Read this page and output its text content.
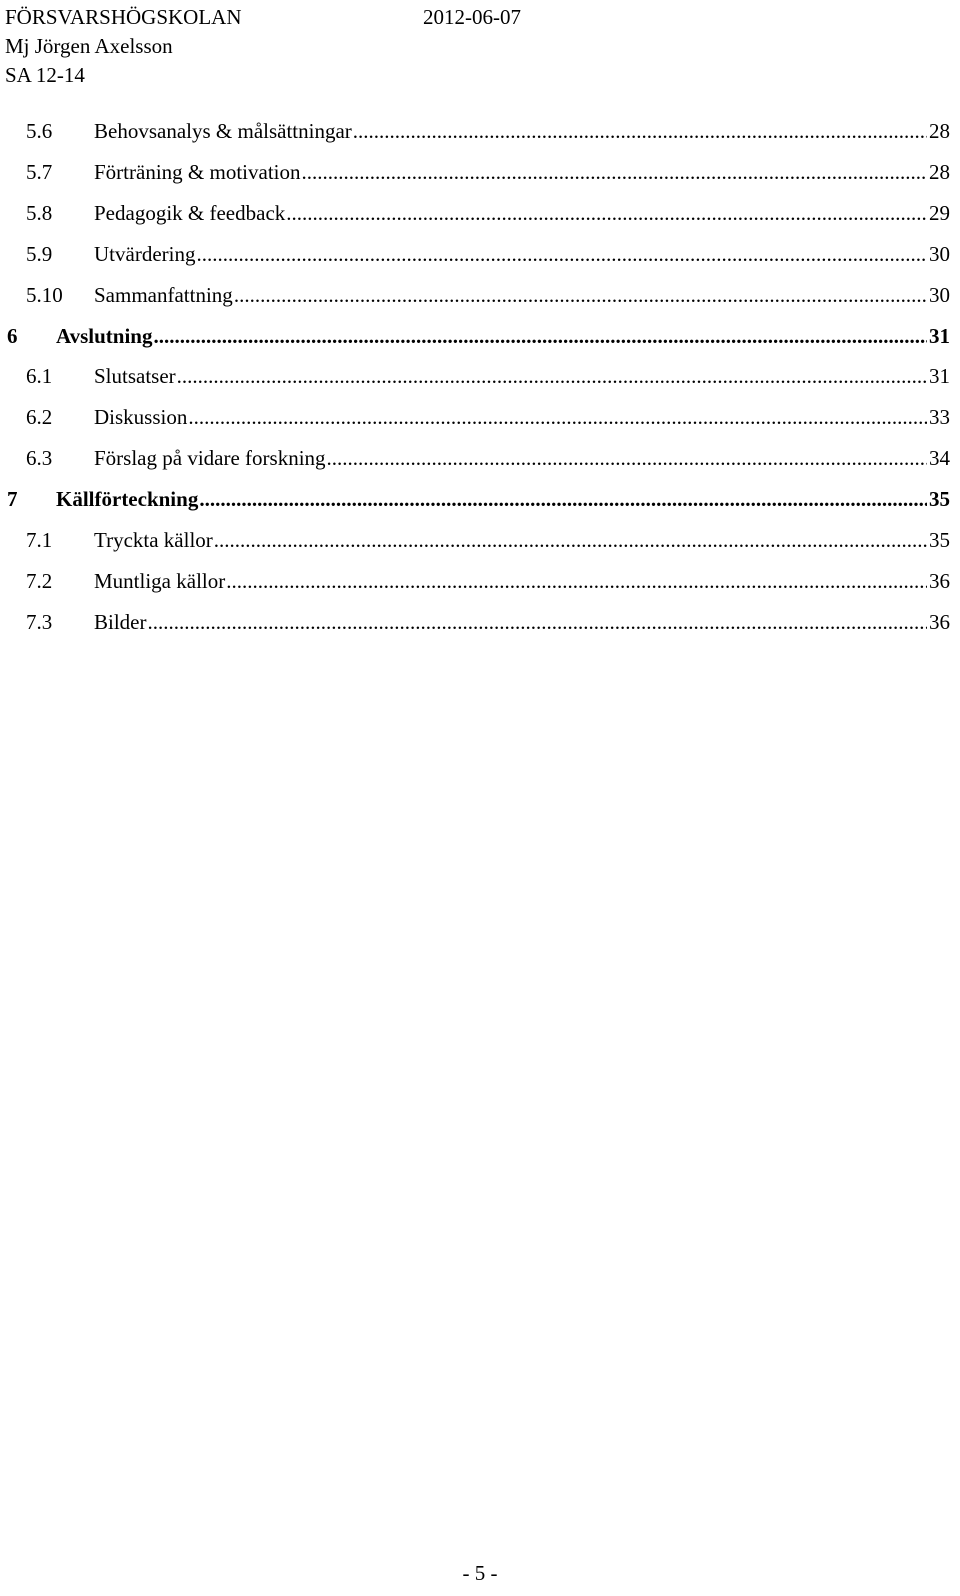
FÖRSVARSHÖGSKOLAN	2012-06-07
Mj Jörgen Axelsson
SA 12-14
5.6 Behovsanalys & målsättningar .....	28
5.7 Förträning & motivation .....	28
5.8 Pedagogik & feedback .....	29
5.9 Utvärdering .....	30
5.10 Sammanfattning .....	30
6 Avslutning .....	31
6.1 Slutsatser .....	31
6.2 Diskussion .....	33
6.3 Förslag på vidare forskning .....	34
7 Källförteckning .....	35
7.1 Tryckta källor .....	35
7.2 Muntliga källor .....	36
7.3 Bilder .....	36
- 5 -
